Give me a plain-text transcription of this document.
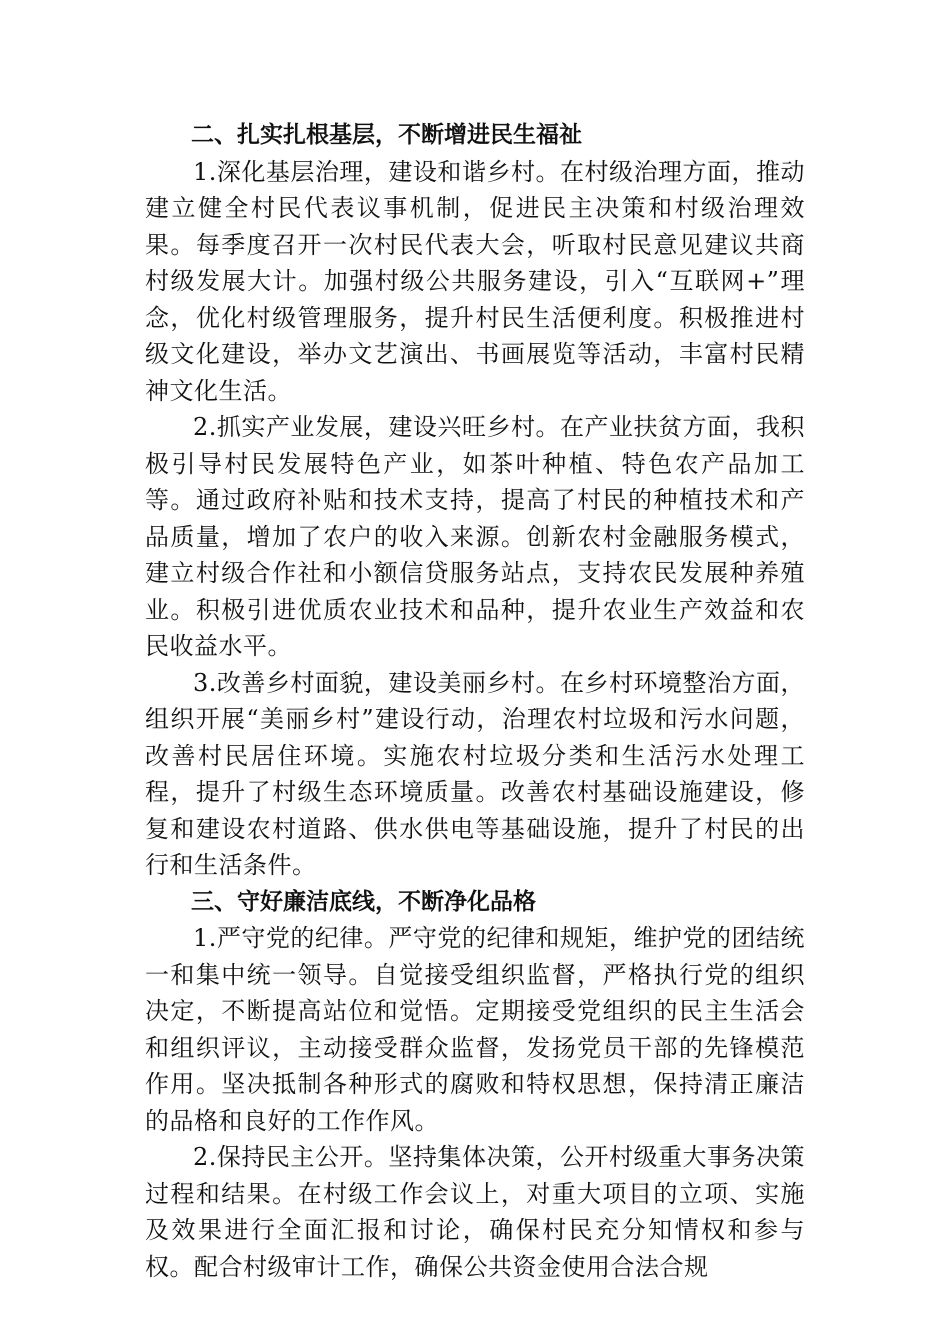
二、扎实扎根基层，不断增进民生福祉

1.深化基层治理，建设和谐乡村。在村级治理方面，推动建立健全村民代表议事机制，促进民主决策和村级治理效果。每季度召开一次村民代表大会，听取村民意见建议共商村级发展大计。加强村级公共服务建设，引入“互联网+”理念，优化村级管理服务，提升村民生活便利度。积极推进村级文化建设，举办文艺演出、书画展览等活动，丰富村民精神文化生活。

2.抓实产业发展，建设兴旺乡村。在产业扶贫方面，我积极引导村民发展特色产业，如茶叶种植、特色农产品加工等。通过政府补贴和技术支持，提高了村民的种植技术和产品质量，增加了农户的收入来源。创新农村金融服务模式，建立村级合作社和小额信贷服务站点，支持农民发展种养殖业。积极引进优质农业技术和品种，提升农业生产效益和农民收益水平。

3.改善乡村面貌，建设美丽乡村。在乡村环境整治方面，组织开展“美丽乡村”建设行动，治理农村垃圾和污水问题，改善村民居住环境。实施农村垃圾分类和生活污水处理工程，提升了村级生态环境质量。改善农村基础设施建设，修复和建设农村道路、供水供电等基础设施，提升了村民的出行和生活条件。

三、守好廉洁底线，不断净化品格

1.严守党的纪律。严守党的纪律和规矩，维护党的团结统一和集中统一领导。自觉接受组织监督，严格执行党的组织决定，不断提高站位和觉悟。定期接受党组织的民主生活会和组织评议，主动接受群众监督，发扬党员干部的先锋模范作用。坚决抵制各种形式的腐败和特权思想，保持清正廉洁的品格和良好的工作作风。

2.保持民主公开。坚持集体决策，公开村级重大事务决策过程和结果。在村级工作会议上，对重大项目的立项、实施及效果进行全面汇报和讨论，确保村民充分知情权和参与权。配合村级审计工作，确保公共资金使用合法合规
